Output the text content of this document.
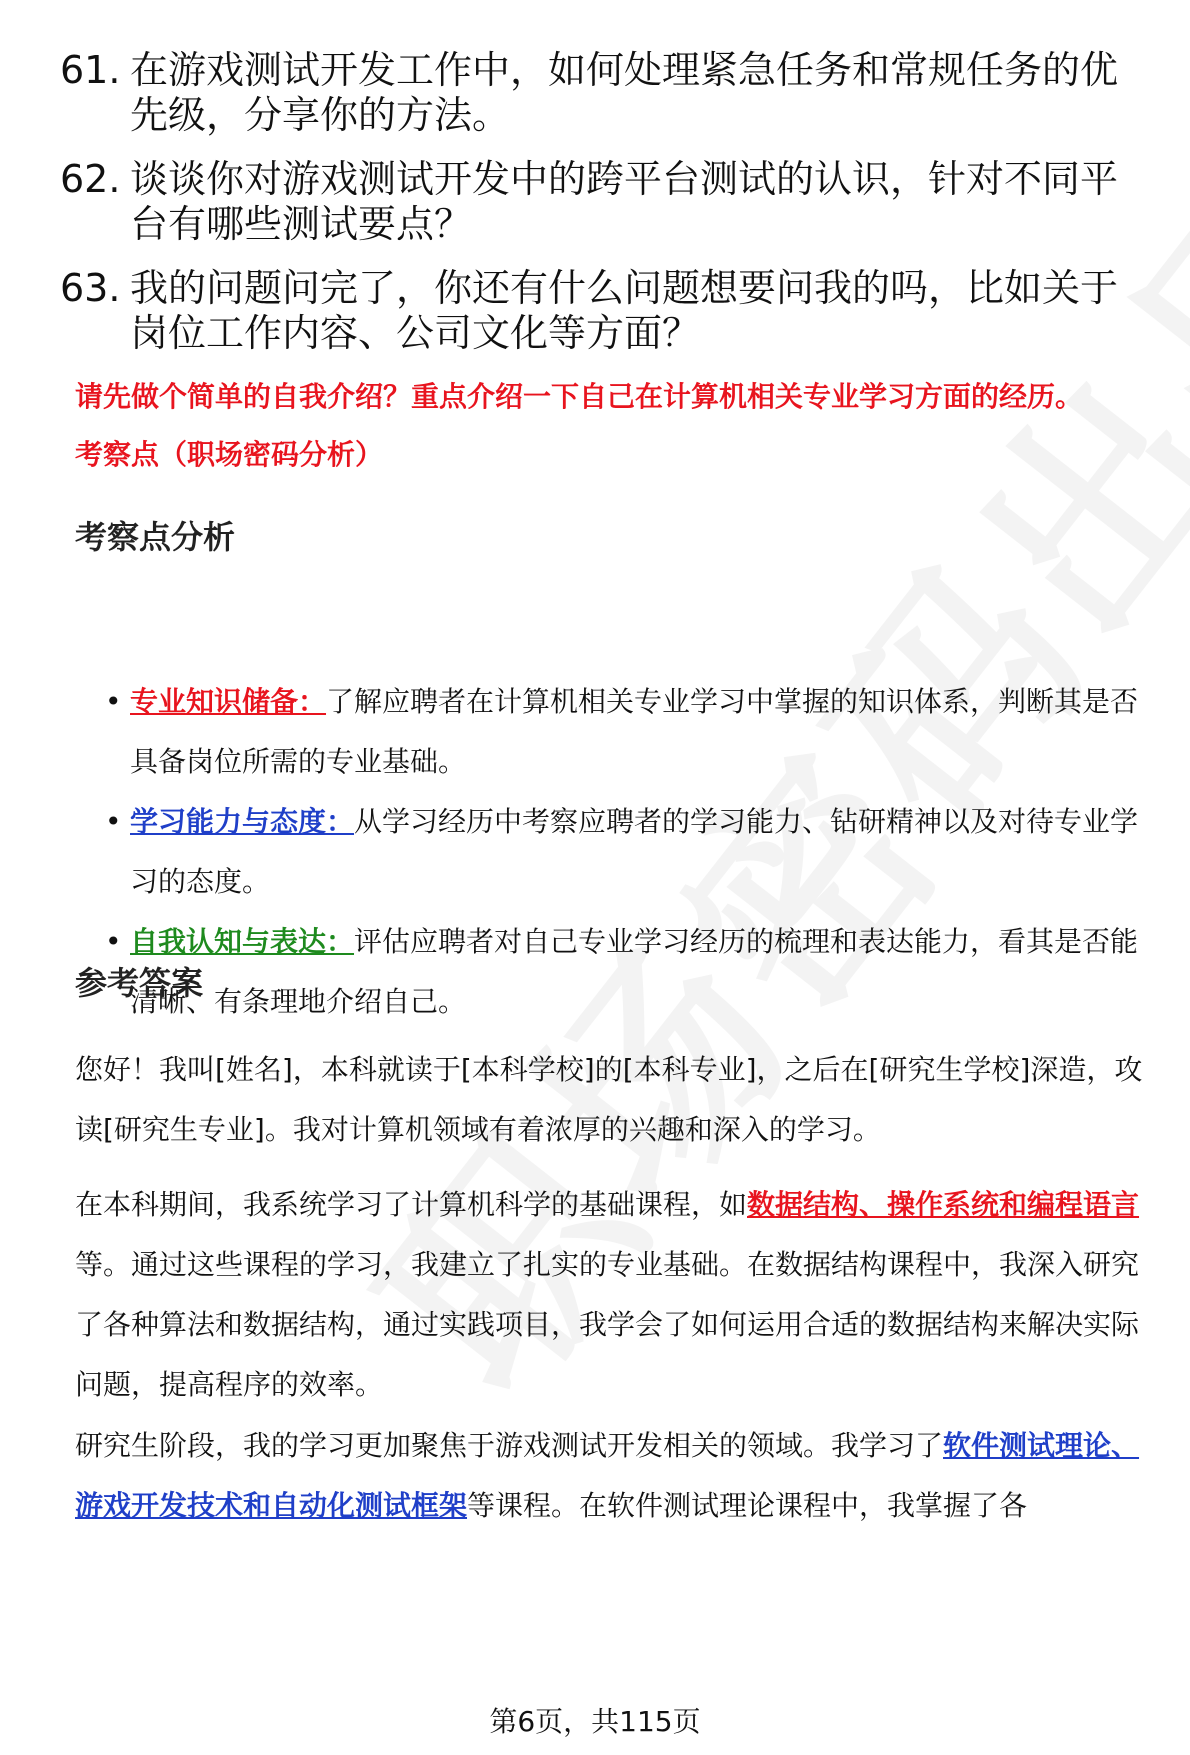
61. 在游戏测试开发工作中，如何处理紧急任务和常规任务的优先级，分享你的方法。
62. 谈谈你对游戏测试开发中的跨平台测试的认识，针对不同平台有哪些测试要点？
63. 我的问题问完了，你还有什么问题想要问我的吗，比如关于岗位工作内容、公司文化等方面？
请先做个简单的自我介绍？重点介绍一下自己在计算机相关专业学习方面的经历。
考察点（职场密码分析）
考察点分析
• 专业知识储备：了解应聘者在计算机相关专业学习中掌握的知识体系，判断其是否具备岗位所需的专业基础。
• 学习能力与态度：从学习经历中考察应聘者的学习能力、钻研精神以及对待专业学习的态度。
• 自我认知与表达：评估应聘者对自己专业学习经历的梳理和表达能力，看其是否能清晰、有条理地介绍自己。
参考答案
您好！我叫[姓名]，本科就读于[本科学校]的[本科专业]，之后在[研究生学校]深造，攻读[研究生专业]。我对计算机领域有着浓厚的兴趣和深入的学习。
在本科期间，我系统学习了计算机科学的基础课程，如数据结构、操作系统和编程语言等。通过这些课程的学习，我建立了扎实的专业基础。在数据结构课程中，我深入研究了各种算法和数据结构，通过实践项目，我学会了如何运用合适的数据结构来解决实际问题，提高程序的效率。
研究生阶段，我的学习更加聚焦于游戏测试开发相关的领域。我学习了软件测试理论、游戏开发技术和自动化测试框架等课程。在软件测试理论课程中，我掌握了各
第6页，共115页
